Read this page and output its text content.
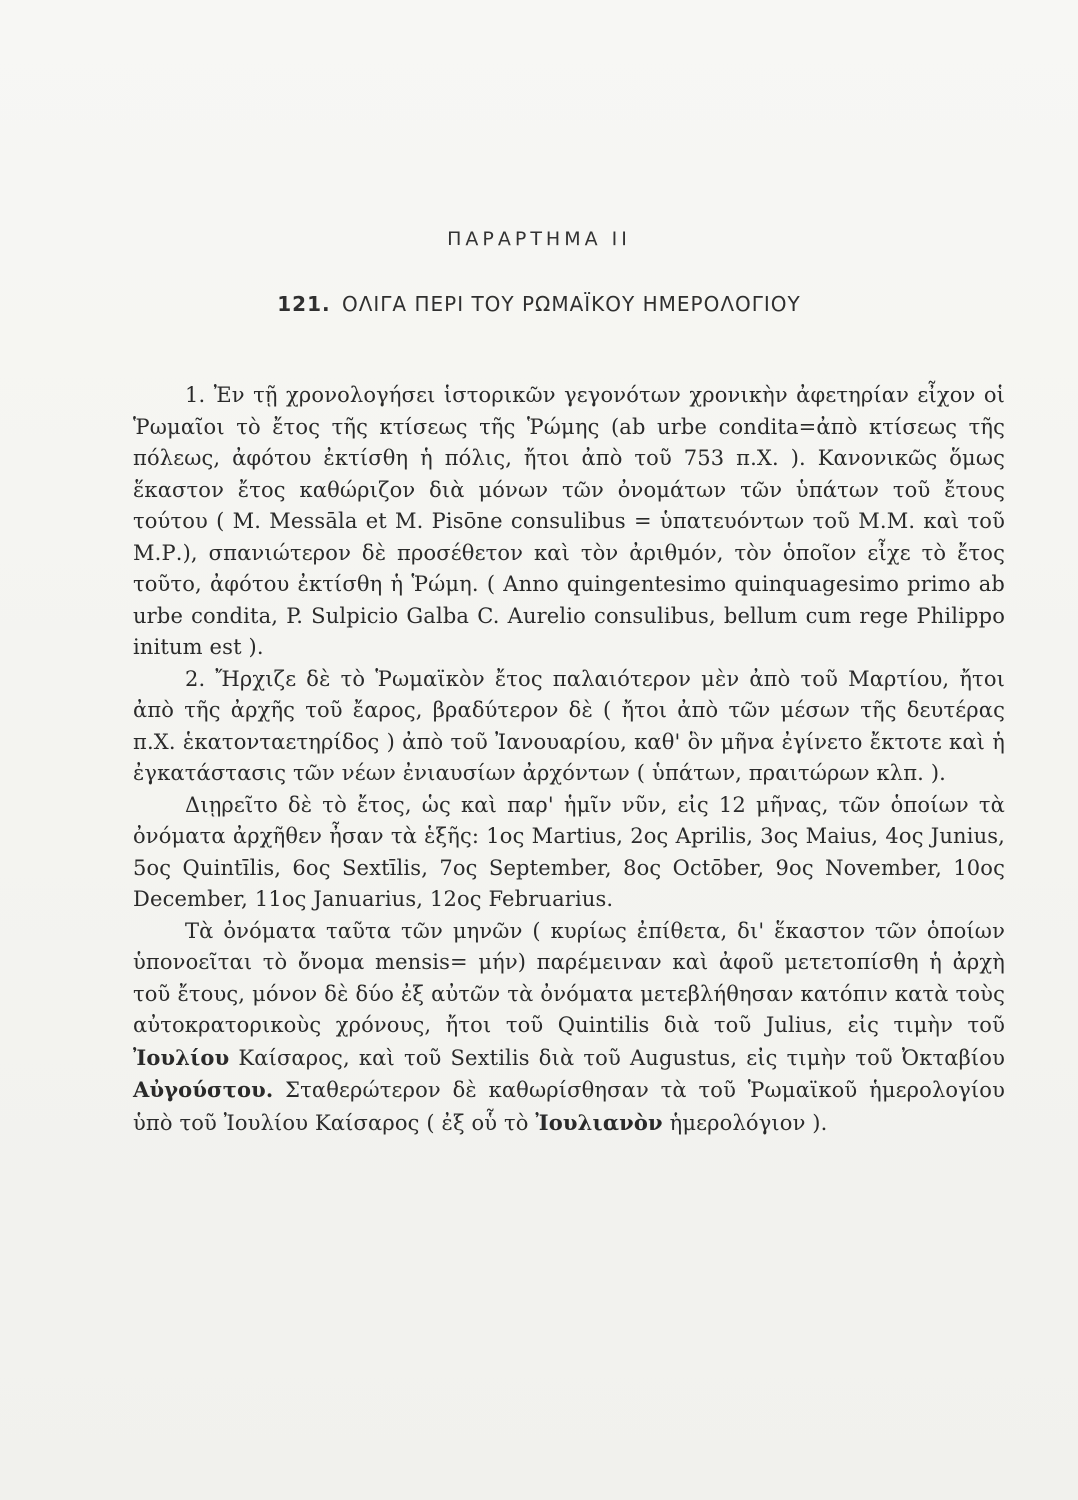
ΠΑΡΑΡΤΗΜΑ ΙΙ
121. ΟΛΙΓΑ ΠΕΡΙ ΤΟΥ ΡΩΜΑΪΚΟΥ ΗΜΕΡΟΛΟΓΙΟΥ

1. Ἐν τῇ χρονολογήσει ἱστορικῶν γεγονότων χρονικὴν ἀφετηρίαν εἶχον οἱ Ῥωμαῖοι τὸ ἔτος τῆς κτίσεως τῆς Ῥώμης (ab urbe condita=ἀπὸ κτίσεως τῆς πόλεως, ἀφότου ἐκτίσθη ἡ πόλις, ἤτοι ἀπὸ τοῦ 753 π.Χ. ). Κανονικῶς ὅμως ἕκαστον ἔτος καθώριζον διὰ μόνων τῶν ὀνομάτων τῶν ὑπάτων τοῦ ἔτους τούτου ( M. Messāla et M. Pisōne consulibus = ὑπατευόντων τοῦ Μ.Μ. καὶ τοῦ Μ.Ρ.), σπανιώτερον δὲ προσέθετον καὶ τὸν ἀριθμόν, τὸν ὁποῖον εἶχε τὸ ἔτος τοῦτο, ἀφότου ἐκτίσθη ἡ Ῥώμη. ( Anno quingentesimo quinquagesimo primo ab urbe condita, P. Sulpicio Galba C. Aurelio consulibus, bellum cum rege Philippo initum est ).

2. Ἤρχιζε δὲ τὸ Ῥωμαϊκὸν ἔτος παλαιότερον μὲν ἀπὸ τοῦ Μαρτίου, ἤτοι ἀπὸ τῆς ἀρχῆς τοῦ ἔαρος, βραδύτερον δὲ ( ἤτοι ἀπὸ τῶν μέσων τῆς δευτέρας π.Χ. ἑκατονταετηρίδος ) ἀπὸ τοῦ Ἰανουαρίου, καθ' ὃν μῆνα ἐγίνετο ἔκτοτε καὶ ἡ ἐγκατάστασις τῶν νέων ἐνιαυσίων ἀρχόντων ( ὑπάτων, πραιτώρων κλπ. ).

Διῃρεῖτο δὲ τὸ ἔτος, ὡς καὶ παρ' ἡμῖν νῦν, εἰς 12 μῆνας, τῶν ὁποίων τὰ ὀνόματα ἀρχῆθεν ἦσαν τὰ ἑξῆς: 1ος Martius, 2ος Aprilis, 3ος Maius, 4ος Junius, 5ος Quintīlis, 6ος Sextīlis, 7ος September, 8ος Octōber, 9ος November, 10ος December, 11ος Januarius, 12ος Februarius.

Τὰ ὀνόματα ταῦτα τῶν μηνῶν ( κυρίως ἐπίθετα, δι' ἕκαστον τῶν ὁποίων ὑπονοεῖται τὸ ὄνομα mensis= μήν) παρέμειναν καὶ ἀφοῦ μετετοπίσθη ἡ ἀρχὴ τοῦ ἔτους, μόνον δὲ δύο ἐξ αὐτῶν τὰ ὀνόματα μετεβλήθησαν κατόπιν κατὰ τοὺς αὐτοκρατορικοὺς χρόνους, ἤτοι τοῦ Quintilis διὰ τοῦ Julius, εἰς τιμὴν τοῦ Ἰουλίου Καίσαρος, καὶ τοῦ Sextilis διὰ τοῦ Augustus, εἰς τιμὴν τοῦ Ὀκταβίου Αὐγούστου. Σταθερώτερον δὲ καθωρίσθησαν τὰ τοῦ Ῥωμαϊκοῦ ἡμερολογίου ὑπὸ τοῦ Ἰουλίου Καίσαρος ( ἐξ οὗ τὸ Ἰουλιανὸν ἡμερολόγιον ).
